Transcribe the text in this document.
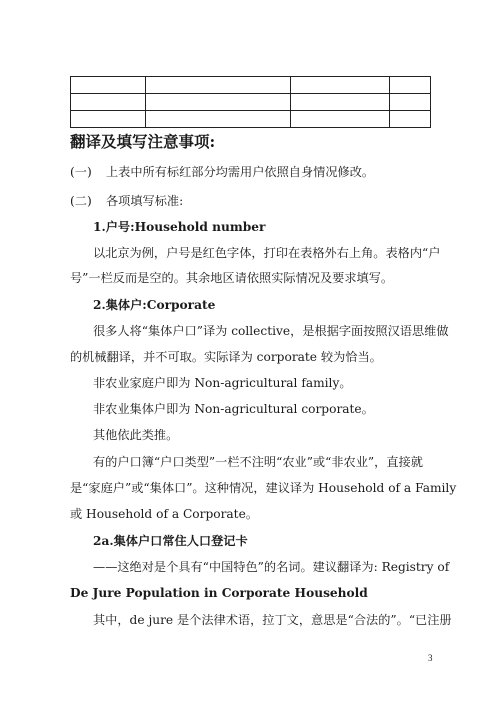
翻译及填写注意事项:
(一) 上表中所有标红部分均需用户依照自身情况修改。
(二) 各项填写标准:
1.户号:Household number
以北京为例，户号是红色字体，打印在表格外右上角。表格内“户
号”一栏反而是空的。其余地区请依照实际情况及要求填写。
2.集体户:Corporate
很多人将“集体户口”译为 collective，是根据字面按照汉语思维做
的机械翻译，并不可取。实际译为 corporate 较为恰当。
非农业家庭户即为 Non-agricultural family。
非农业集体户即为 Non-agricultural corporate。
其他依此类推。
有的户口簿“户口类型”一栏不注明“农业”或“非农业”，直接就
是“家庭户”或“集体口”。这种情况，建议译为 Household of a Family
或 Household of a Corporate。
2a.集体户口常住人口登记卡
——这绝对是个具有“中国特色”的名词。建议翻译为: Registry of
De Jure Population in Corporate Household
其中，de jure 是个法律术语，拉丁文，意思是“合法的”。“已注册
3
